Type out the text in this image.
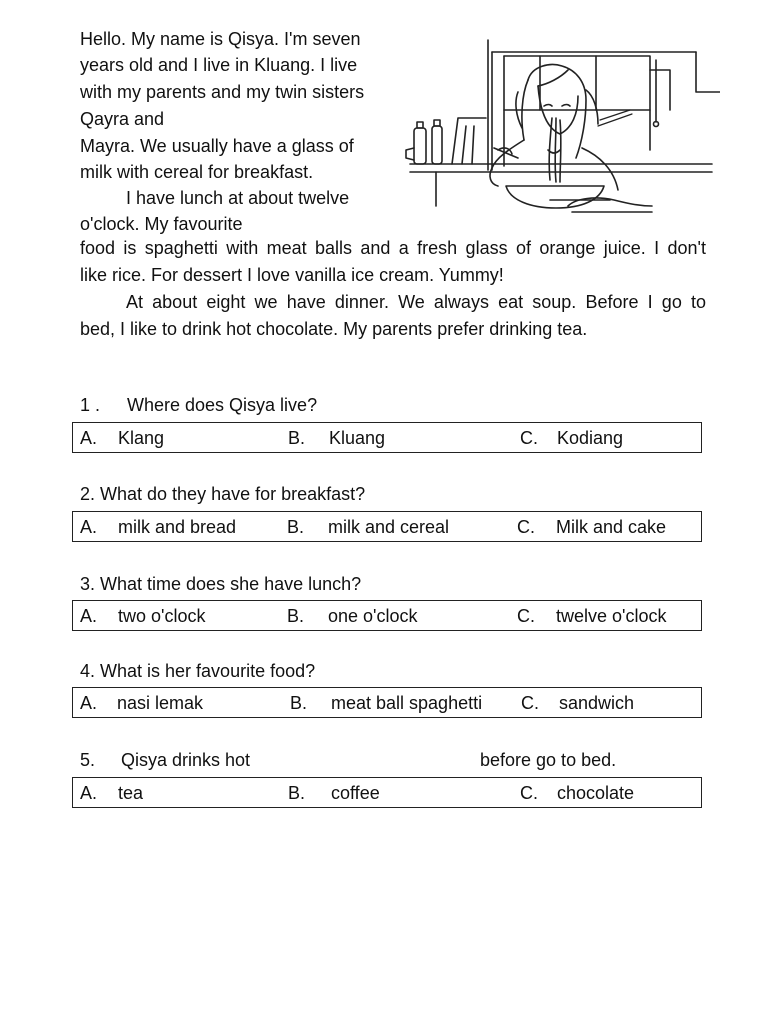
Hello. My name is Qisya. I'm seven
years old and I live in Kluang. I live
with my parents and my twin sisters
Qayra and
Mayra. We usually have a glass of
milk with cereal for breakfast.
I have lunch at about twelve
o'clock. My favourite
food is spaghetti with meat balls and a fresh glass of orange juice. I don't
like rice. For dessert I love vanilla ice cream. Yummy!
At about eight we have dinner. We always eat soup. Before I go to
bed, I like to drink hot chocolate. My parents prefer drinking tea.
1 . Where does Qisya live?
A. Klang	B. Kluang	C. Kodiang
2. What do they have for breakfast?
A. milk and bread	B. milk and cereal	C. Milk and cake
3. What time does she have lunch?
A. two o'clock	B. one o'clock	C. twelve o'clock
4. What is her favourite food?
A. nasi lemak	B. meat ball spaghetti C. sandwich
5. Qisya drinks hot	before go to bed.
A. tea	B. coffee	C. chocolate
